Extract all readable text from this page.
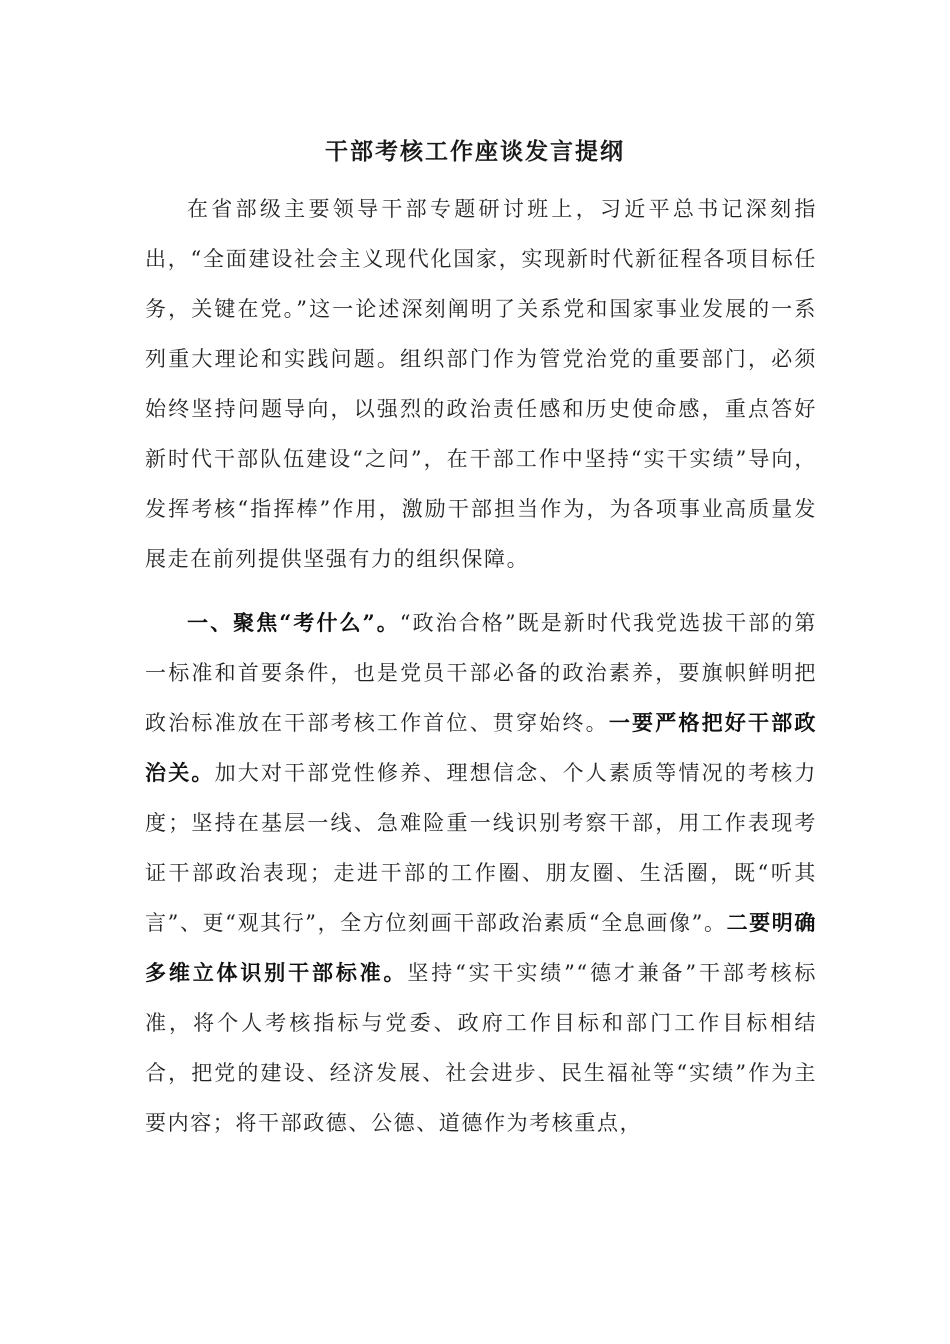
干部考核工作座谈发言提纲

在省部级主要领导干部专题研讨班上，习近平总书记深刻指出，“全面建设社会主义现代化国家，实现新时代新征程各项目标任务，关键在党。”这一论述深刻阐明了关系党和国家事业发展的一系列重大理论和实践问题。组织部门作为管党治党的重要部门，必须始终坚持问题导向，以强烈的政治责任感和历史使命感，重点答好新时代干部队伍建设“之问”，在干部工作中坚持“实干实绩”导向，发挥考核“指挥棒”作用，激励干部担当作为，为各项事业高质量发展走在前列提供坚强有力的组织保障。

一、聚焦“考什么”。“政治合格”既是新时代我党选拔干部的第一标准和首要条件，也是党员干部必备的政治素养，要旗帜鲜明把政治标准放在干部考核工作首位、贯穿始终。一要严格把好干部政治关。加大对干部党性修养、理想信念、个人素质等情况的考核力度；坚持在基层一线、急难险重一线识别考察干部，用工作表现考证干部政治表现；走进干部的工作圈、朋友圈、生活圈，既“听其言”、更“观其行”，全方位刻画干部政治素质“全息画像”。二要明确多维立体识别干部标准。坚持“实干实绩”“德才兼备”干部考核标准，将个人考核指标与党委、政府工作目标和部门工作目标相结合，把党的建设、经济发展、社会进步、民生福祉等“实绩”作为主要内容；将干部政德、公德、道德作为考核重点，
